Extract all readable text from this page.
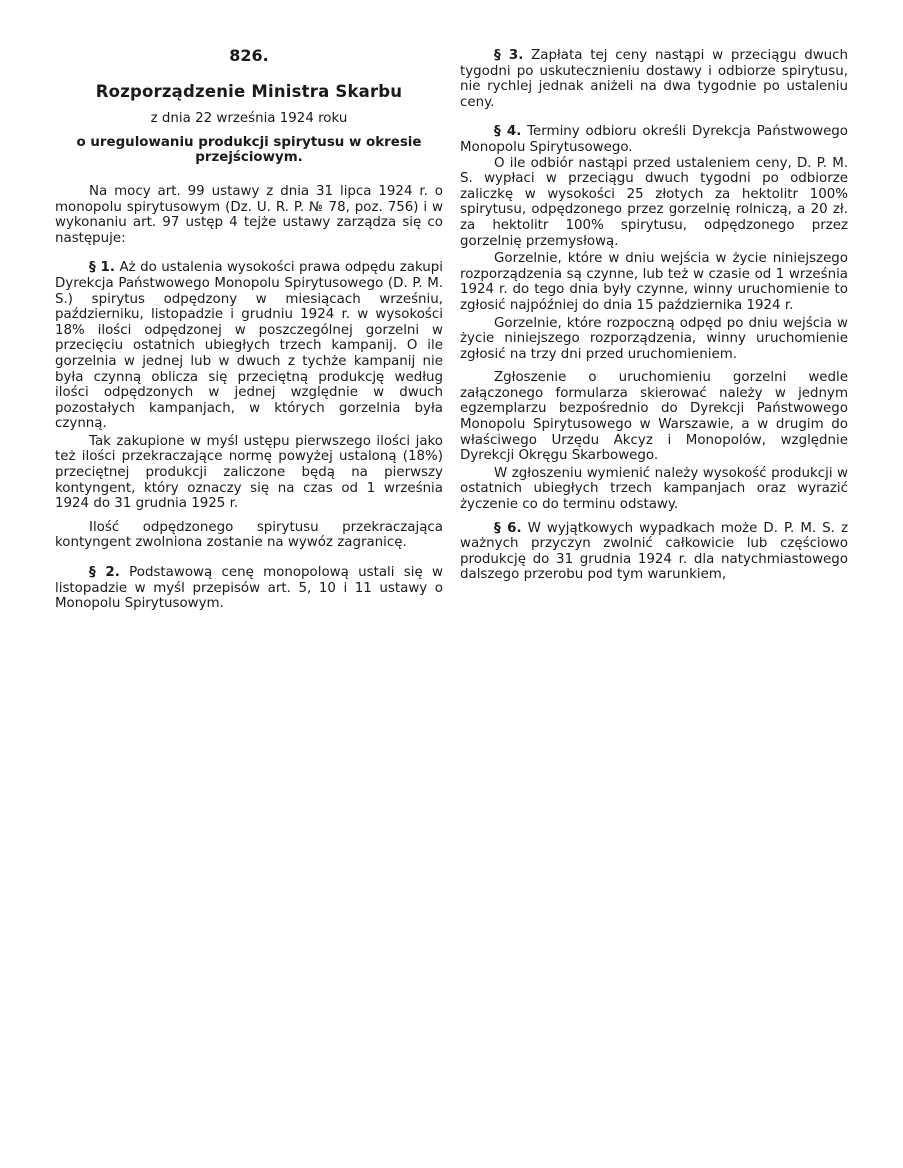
826.
Rozporządzenie Ministra Skarbu
z dnia 22 września 1924 roku
o uregulowaniu produkcji spirytusu w okresie przejściowym.

Na mocy art. 99 ustawy z dnia 31 lipca 1924 r. o monopolu spirytusowym (Dz. U. R. P. № 78, poz. 756) i w wykonaniu art. 97 ustęp 4 tejże ustawy zarządza się co następuje:

§ 1. Aż do ustalenia wysokości prawa odpędu zakupi Dyrekcja Państwowego Monopolu Spirytusowego (D. P. M. S.) spirytus odpędzony w miesiącach wrześniu, październiku, listopadzie i grudniu 1924 r. w wysokości 18% ilości odpędzonej w poszczególnej gorzelni w przecięciu ostatnich ubiegłych trzech kampanij. O ile gorzelnia w jednej lub w dwuch z tychże kampanij nie była czynną oblicza się przeciętną produkcję według ilości odpędzonych w jednej względnie w dwuch pozostałych kampanjach, w których gorzelnia była czynną.

Tak zakupione w myśl ustępu pierwszego ilości jako też ilości przekraczające normę powyżej ustaloną (18%) przeciętnej produkcji zaliczone będą na pierwszy kontyngent, który oznaczy się na czas od 1 września 1924 do 31 grudnia 1925 r.

Ilość odpędzonego spirytusu przekraczająca kontyngent zwolniona zostanie na wywóz zagranicę.

§ 2. Podstawową cenę monopolową ustali się w listopadzie w myśl przepisów art. 5, 10 i 11 ustawy o Monopolu Spirytusowym.

§ 3. Zapłata tej ceny nastąpi w przeciągu dwuch tygodni po uskutecznieniu dostawy i odbiorze spirytusu, nie rychlej jednak aniżeli na dwa tygodnie po ustaleniu ceny.

§ 4. Terminy odbioru określi Dyrekcja Państwowego Monopolu Spirytusowego.

O ile odbiór nastąpi przed ustaleniem ceny, D. P. M. S. wypłaci w przeciągu dwuch tygodni po odbiorze zaliczkę w wysokości 25 złotych za hektolitr 100% spirytusu, odpędzonego przez gorzelnię rolniczą, a 20 zł. za hektolitr 100% spirytusu, odpędzonego przez gorzelnię przemysłową.

Gorzelnie, które w dniu wejścia w życie niniejszego rozporządzenia są czynne, lub też w czasie od 1 września 1924 r. do tego dnia były czynne, winny uruchomienie to zgłosić najpóźniej do dnia 15 października 1924 r.

Gorzelnie, które rozpoczną odpęd po dniu wejścia w życie niniejszego rozporządzenia, winny uruchomienie zgłosić na trzy dni przed uruchomieniem.

Zgłoszenie o uruchomieniu gorzelni wedle załączonego formularza skierować należy w jednym egzemplarzu bezpośrednio do Dyrekcji Państwowego Monopolu Spirytusowego w Warszawie, a w drugim do właściwego Urzędu Akcyz i Monopolów, względnie Dyrekcji Okręgu Skarbowego.

W zgłoszeniu wymienić należy wysokość produkcji w ostatnich ubiegłych trzech kampanjach oraz wyrazić życzenie co do terminu odstawy.

§ 6. W wyjątkowych wypadkach może D. P. M. S. z ważnych przyczyn zwolnić całkowicie lub częściowo produkcję do 31 grudnia 1924 r. dla natychmiastowego dalszego przerobu pod tym warunkiem,
